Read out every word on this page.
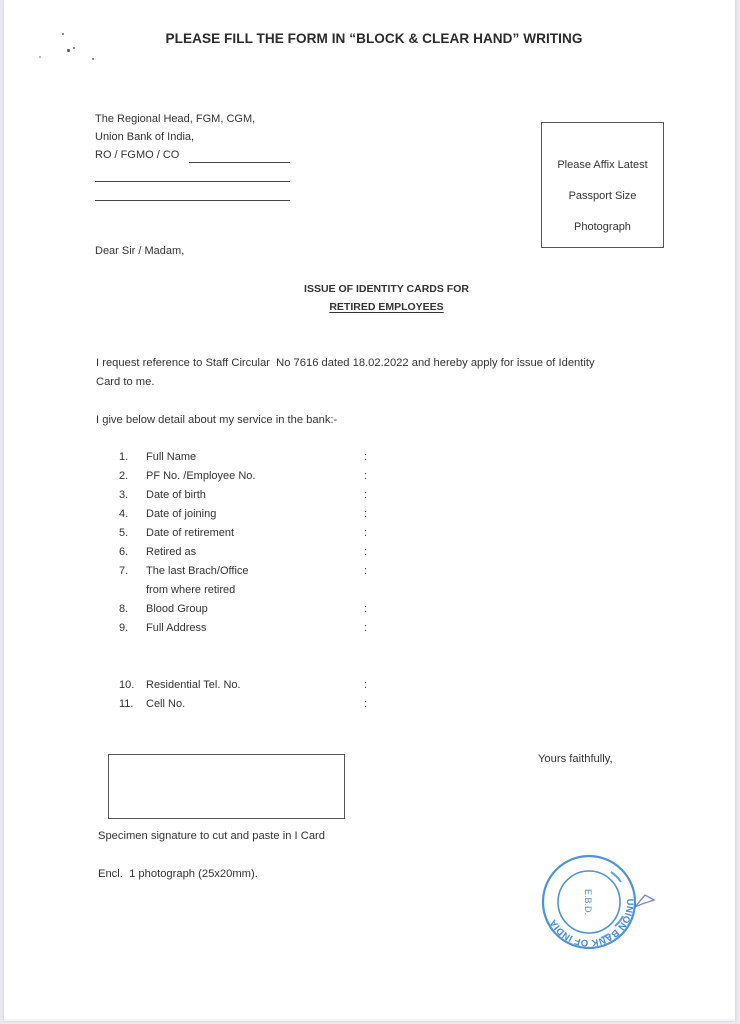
PLEASE FILL THE FORM IN “BLOCK & CLEAR HAND” WRITING
The Regional Head, FGM, CGM,
Union Bank of India,
RO / FGMO / CO
Please Affix Latest
Passport Size
Photograph
Dear Sir / Madam,
ISSUE OF IDENTITY CARDS FOR
RETIRED EMPLOYEES
I request reference to Staff Circular  No 7616 dated 18.02.2022 and hereby apply for issue of Identity
Card to me.
I give below detail about my service in the bank:-
1.	Full Name	:
2.	PF No. /Employee No.	:
3.	Date of birth	:
4.	Date of joining	:
5.	Date of retirement	:
6.	Retired as	:
7.	The last Brach/Office
from where retired
:
8.	Blood Group	:
9.	Full Address	:
10.	Residential Tel. No.	:
11.	Cell No.	:
Yours faithfully,
Specimen signature to cut and paste in I Card
Encl.  1 photograph (25x20mm).
UNION BANK OF INDIA
E.B.D.
